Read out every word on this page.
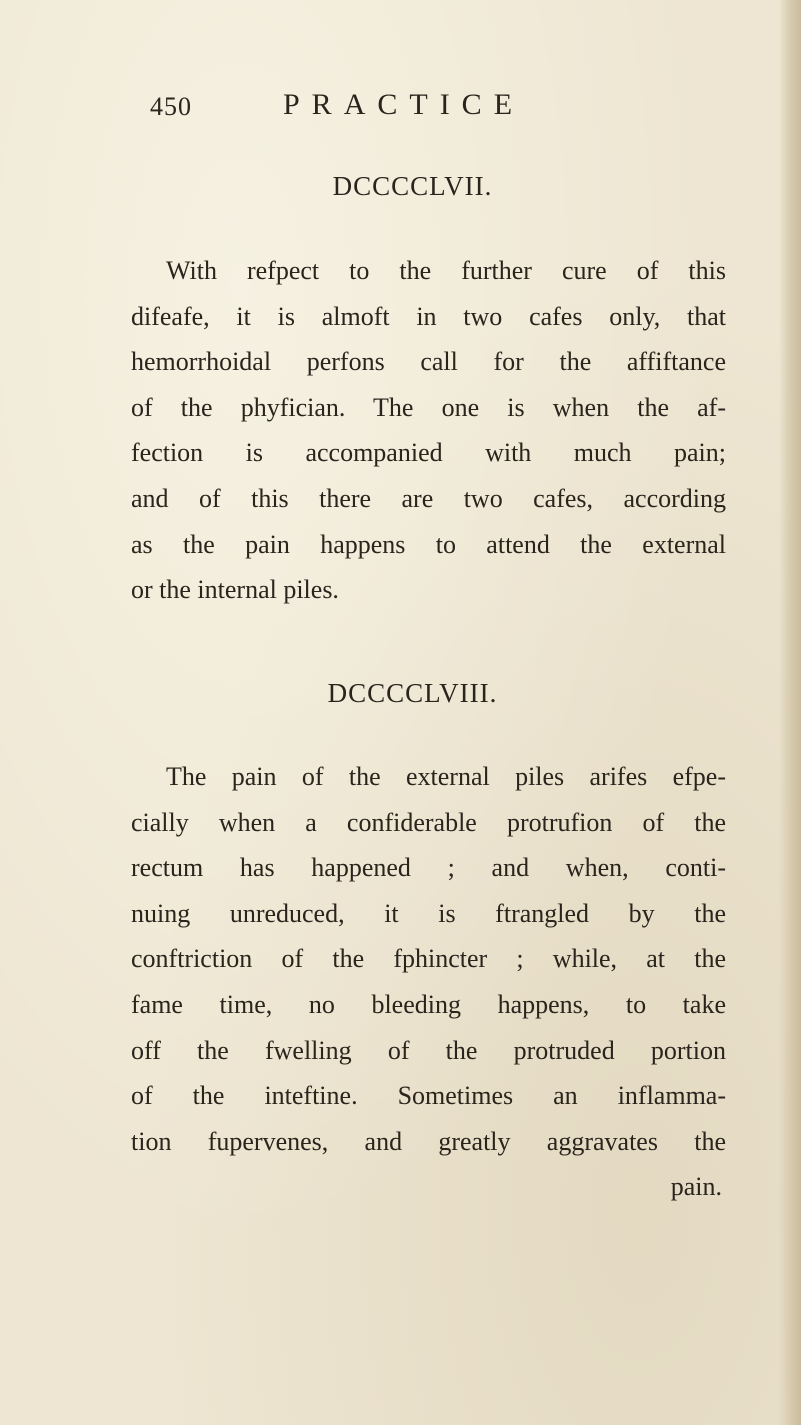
450	PRACTICE
DCCCCLVII.
With refpect to the further cure of this
difeafe, it is almoft in two cafes only, that
hemorrhoidal perfons call for the affiftance
of the phyfician. The one is when the af-
fection is accompanied with much pain;
and of this there are two cafes, according
as the pain happens to attend the external
or the internal piles.
DCCCCLVIII.
The pain of the external piles arifes efpe-
cially when a confiderable protrufion of the
rectum has happened ; and when, conti-
nuing unreduced, it is ftrangled by the
conftriction of the fphincter ; while, at the
fame time, no bleeding happens, to take
off the fwelling of the protruded portion
of the inteftine. Sometimes an inflamma-
tion fupervenes, and greatly aggravates the
pain.
